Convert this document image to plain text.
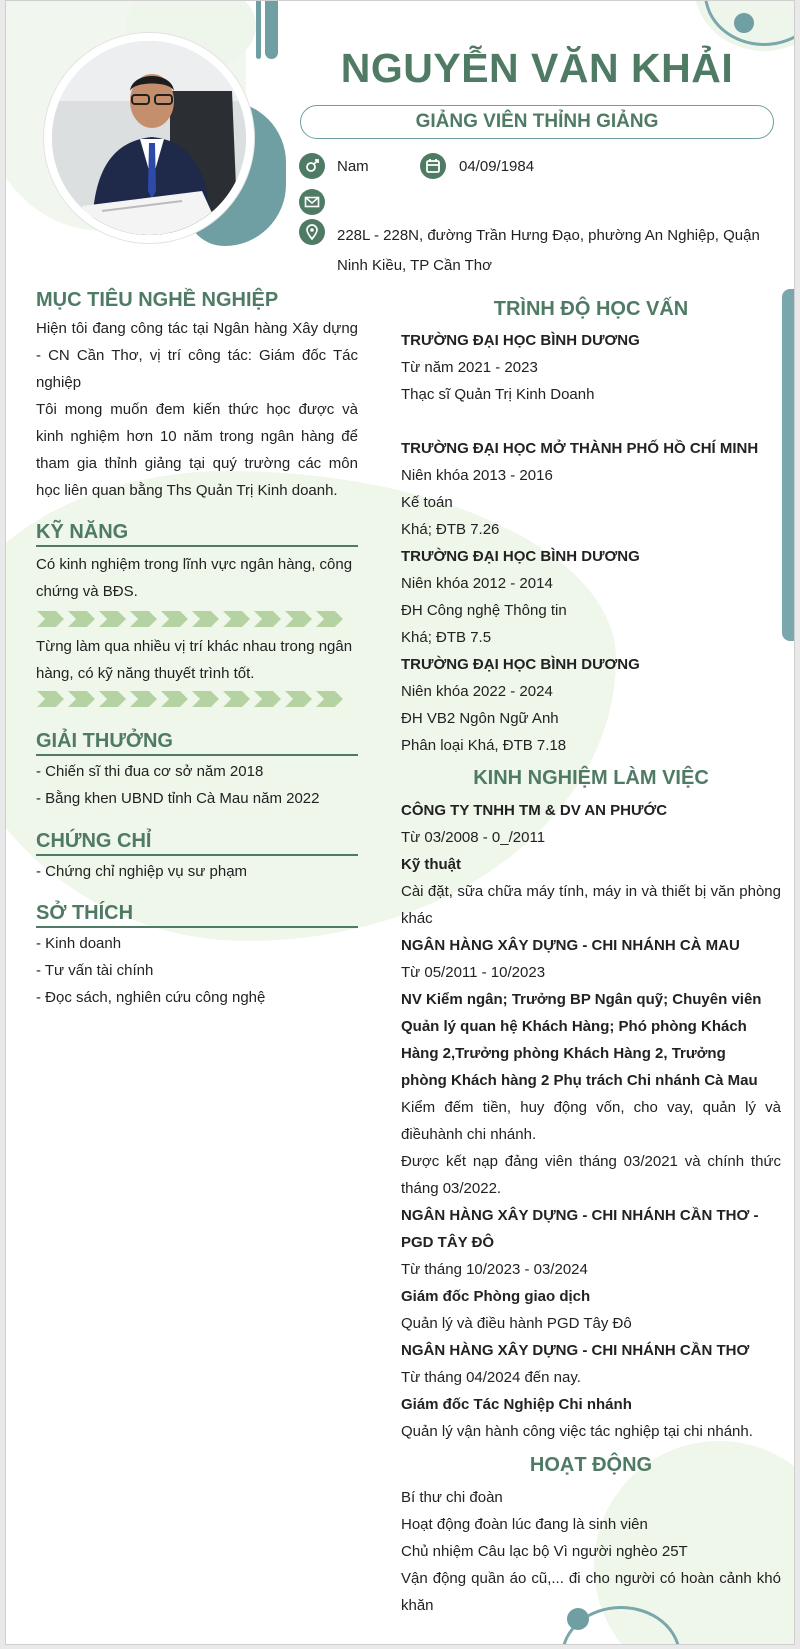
NGUYỄN VĂN KHẢI
GIẢNG VIÊN THỈNH GIẢNG
Nam	04/09/1984
228L - 228N, đường Trần Hưng Đạo, phường An Nghiệp, Quận Ninh Kiều, TP Cần Thơ
MỤC TIÊU NGHỀ NGHIỆP
Hiện tôi đang công tác tại Ngân hàng Xây dựng - CN Cần Thơ, vị trí công tác: Giám đốc Tác nghiệp
Tôi mong muốn đem kiến thức học được và kinh nghiệm hơn 10 năm trong ngân hàng để tham gia thỉnh giảng tại quý trường các môn học liên quan bằng Ths Quản Trị Kinh doanh.
KỸ NĂNG
Có kinh nghiệm trong lĩnh vực ngân hàng, công chứng và BĐS.
Từng làm qua nhiều vị trí khác nhau trong ngân hàng, có kỹ năng thuyết trình tốt.
GIẢI THƯỞNG
- Chiến sĩ thi đua cơ sở năm 2018
- Bằng khen UBND tỉnh Cà Mau năm 2022
CHỨNG CHỈ
- Chứng chỉ nghiệp vụ sư phạm
SỞ THÍCH
- Kinh doanh
- Tư vấn tài chính
- Đọc sách, nghiên cứu công nghệ
TRÌNH ĐỘ HỌC VẤN
TRƯỜNG ĐẠI HỌC BÌNH DƯƠNG
Từ năm 2021 - 2023
Thạc sĩ Quản Trị Kinh Doanh
TRƯỜNG ĐẠI HỌC MỞ THÀNH PHỐ HỒ CHÍ MINH
Niên khóa 2013 - 2016
Kế toán
Khá; ĐTB 7.26
TRƯỜNG ĐẠI HỌC BÌNH DƯƠNG
Niên khóa 2012 - 2014
ĐH Công nghệ Thông tin
Khá; ĐTB 7.5
TRƯỜNG ĐẠI HỌC BÌNH DƯƠNG
Niên khóa 2022 - 2024
ĐH VB2 Ngôn Ngữ Anh
Phân loại Khá, ĐTB 7.18
KINH NGHIỆM LÀM VIỆC
CÔNG TY TNHH TM & DV AN PHƯỚC
Từ 03/2008 - 0_/2011
Kỹ thuật
Cài đặt, sữa chữa máy tính, máy in và thiết bị văn phòng khác
NGÂN HÀNG XÂY DỰNG - CHI NHÁNH CÀ MAU
Từ 05/2011 - 10/2023
NV Kiểm ngân; Trưởng BP Ngân quỹ; Chuyên viên Quản lý quan hệ Khách Hàng; Phó phòng Khách Hàng 2,Trưởng phòng Khách Hàng 2, Trưởng phòng Khách hàng 2 Phụ trách Chi nhánh Cà Mau
Kiểm đếm tiền, huy động vốn, cho vay, quản lý và điềuhành chi nhánh.
Được kết nạp đảng viên tháng 03/2021 và chính thức tháng 03/2022.
NGÂN HÀNG XÂY DỰNG - CHI NHÁNH CẦN THƠ - PGD TÂY ĐÔ
Từ tháng 10/2023 - 03/2024
Giám đốc Phòng giao dịch
Quản lý và điều hành PGD Tây Đô
NGÂN HÀNG XÂY DỰNG - CHI NHÁNH CẦN THƠ
Từ tháng 04/2024 đến nay.
Giám đốc Tác Nghiệp Chi nhánh
Quản lý vận hành công việc tác nghiệp tại chi nhánh.
HOẠT ĐỘNG
Bí thư chi đoàn
Hoạt động đoàn lúc đang là sinh viên
Chủ nhiệm Câu lạc bộ Vì người nghèo 25T
Vận động quần áo cũ,... đi cho người có hoàn cảnh khó khăn
